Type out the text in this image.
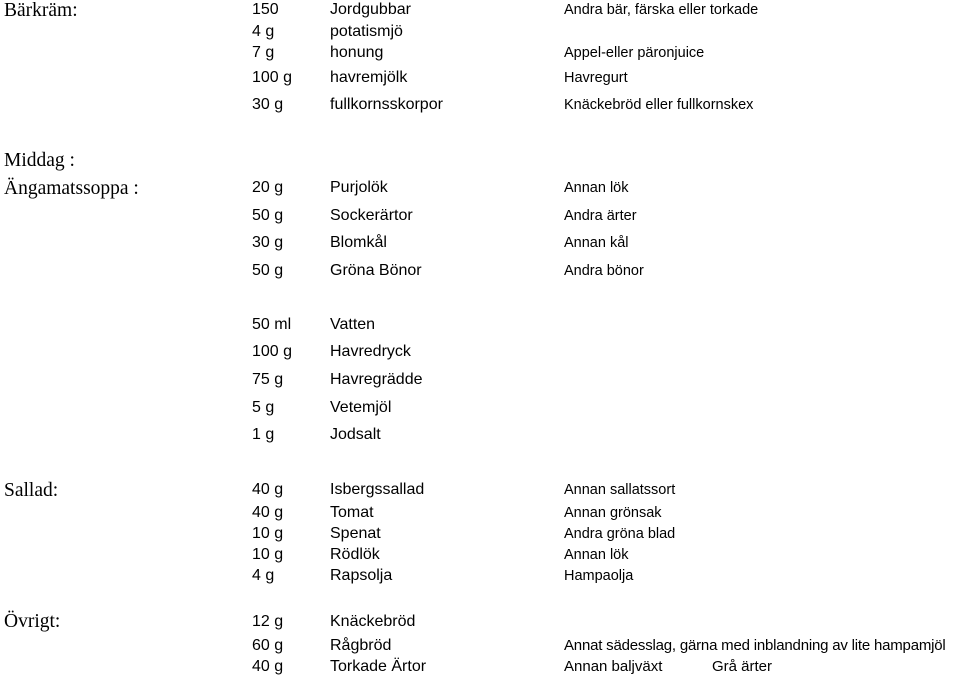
Bärkräm:	150	Jordgubbar	Andra bär, färska eller torkade
4 g	potatismjö
7 g	honung	Appel-eller päronjuice
100 g havremjölk	Havregurt
30 g	fullkornsskorpor	Knäckebröd eller fullkornskex
Middag :
Ängamatssoppa :	20 g	Purjolök	Annan lök
50 g	Sockerärtor	Andra ärter
30 g	Blomkål	Annan kål
50 g	Gröna Bönor	Andra bönor
50 ml Vatten
100 g Havredryck
75 g	Havregrädde
5 g	Vetemjöl
1 g	Jodsalt
Sallad:	40 g	Isbergssallad	Annan sallatssort
40 g	Tomat	Annan grönsak
10 g	Spenat	Andra gröna blad
10 g	Rödlök	Annan lök
4 g	Rapsolja	Hampaolja
Övrigt:	12 g	Knäckebröd
60 g	Rågbröd	Annat sädesslag, gärna med inblandning av lite hampamjöl
40 g	Torkade Ärtor	Annan baljväxt	Grå ärter
